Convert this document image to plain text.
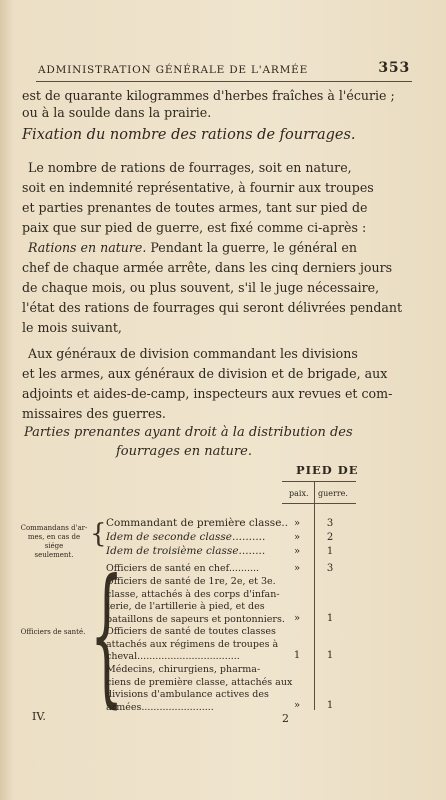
ADMINISTRATION GÉNÉRALE DE L'ARMÉE	353
est de quarante kilogrammes d'herbes fraîches à l'écurie ;
ou à la soulde dans la prairie.
Fixation du nombre des rations de fourrages.
Le nombre de rations de fourrages, soit en nature,
soit en indemnité représentative, à fournir aux troupes
et parties prenantes de toutes armes, tant sur pied de
paix que sur pied de guerre, est fixé comme ci-après :
Rations en nature. Pendant la guerre, le général en
chef de chaque armée arrête, dans les cinq derniers jours
de chaque mois, ou plus souvent, s'il le juge nécessaire,
l'état des rations de fourrages qui seront délivrées pendant
le mois suivant,
Aux généraux de division commandant les divisions
et les armes, aux généraux de division et de brigade, aux
adjoints et aides-de-camp, inspecteurs aux revues et com-
missaires des guerres.
Parties prenantes ayant droit à la distribution des
fourrages en nature.
PIED DE
paix. guerre.
Commandans d'ar-
mes, en cas de siége
seulement.
{ Commandant de première classe.. »	3
Idem de seconde classe..........	»	2
Idem de troisième classe........	»	1
Officiers de santé. {
Officiers de santé en chef..........	»	3
Officiers de santé de 1re, 2e, et 3e.
classe, attachés à des corps d'infan-
terie, de l'artillerie à pied, et des
bataillons de sapeurs et pontonniers. »	1
Officiers de santé de toutes classes
attachés aux régimens de troupes à
cheval..................................	1	1
Médecins, chirurgiens, pharma-
ciens de première classe, attachés aux
divisions d'ambulance actives des
armées........................	»	1
IV.	2
